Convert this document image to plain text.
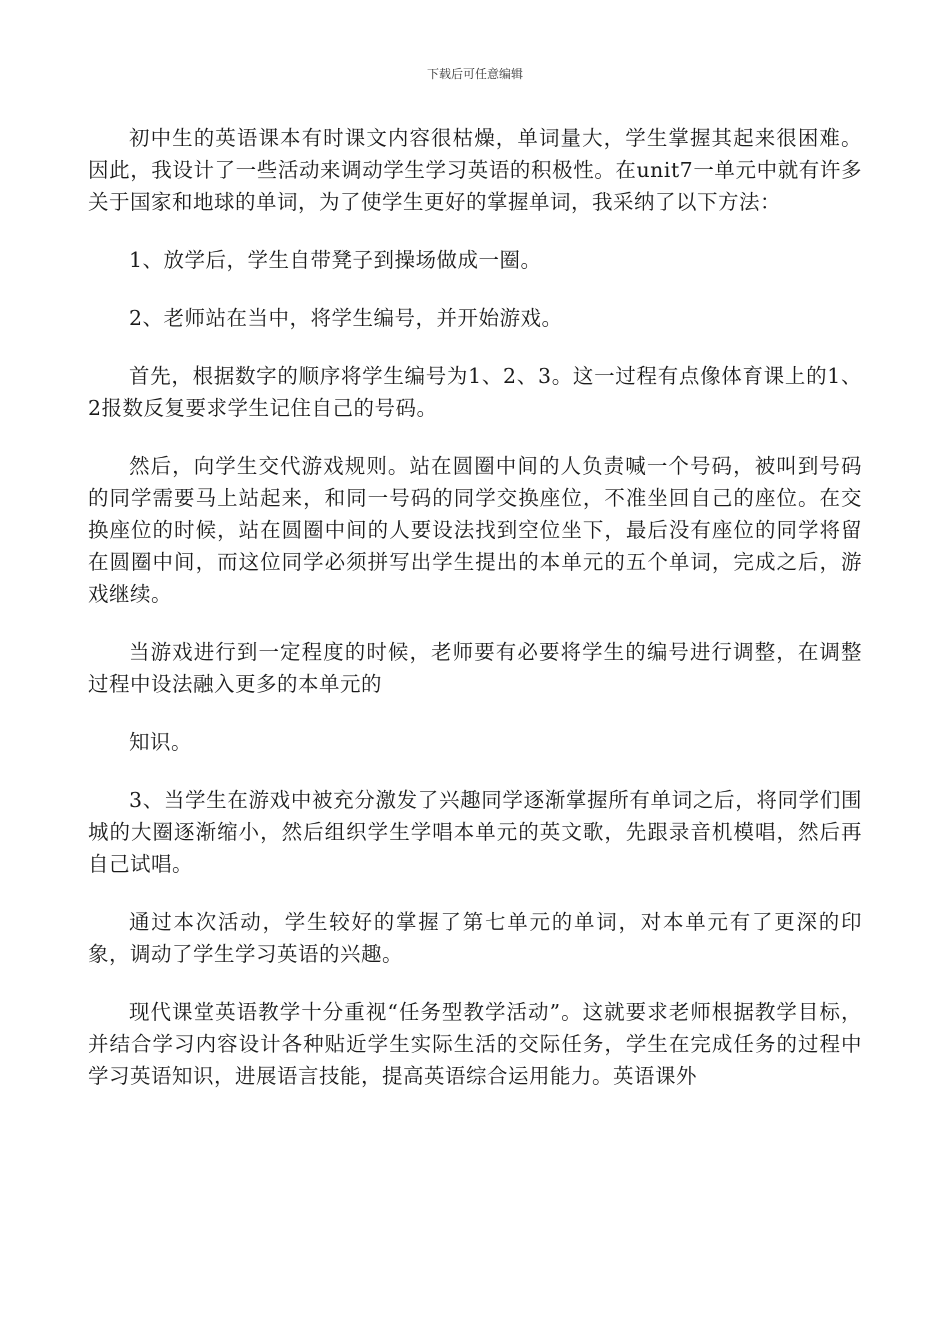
下载后可任意编辑

初中生的英语课本有时课文内容很枯燥，单词量大，学生掌握其起来很困难。因此，我设计了一些活动来调动学生学习英语的积极性。在unit7一单元中就有许多关于国家和地球的单词，为了使学生更好的掌握单词，我采纳了以下方法：

1、放学后，学生自带凳子到操场做成一圈。

2、老师站在当中，将学生编号，并开始游戏。

首先，根据数字的顺序将学生编号为1、2、3。这一过程有点像体育课上的1、2报数反复要求学生记住自己的号码。

然后，向学生交代游戏规则。站在圆圈中间的人负责喊一个号码，被叫到号码的同学需要马上站起来，和同一号码的同学交换座位，不准坐回自己的座位。在交换座位的时候，站在圆圈中间的人要设法找到空位坐下，最后没有座位的同学将留在圆圈中间，而这位同学必须拼写出学生提出的本单元的五个单词，完成之后，游戏继续。

当游戏进行到一定程度的时候，老师要有必要将学生的编号进行调整，在调整过程中设法融入更多的本单元的

知识。

3、当学生在游戏中被充分激发了兴趣同学逐渐掌握所有单词之后，将同学们围城的大圈逐渐缩小，然后组织学生学唱本单元的英文歌，先跟录音机模唱，然后再自己试唱。

通过本次活动，学生较好的掌握了第七单元的单词，对本单元有了更深的印象，调动了学生学习英语的兴趣。

现代课堂英语教学十分重视“任务型教学活动”。这就要求老师根据教学目标，并结合学习内容设计各种贴近学生实际生活的交际任务，学生在完成任务的过程中学习英语知识，进展语言技能，提高英语综合运用能力。英语课外
